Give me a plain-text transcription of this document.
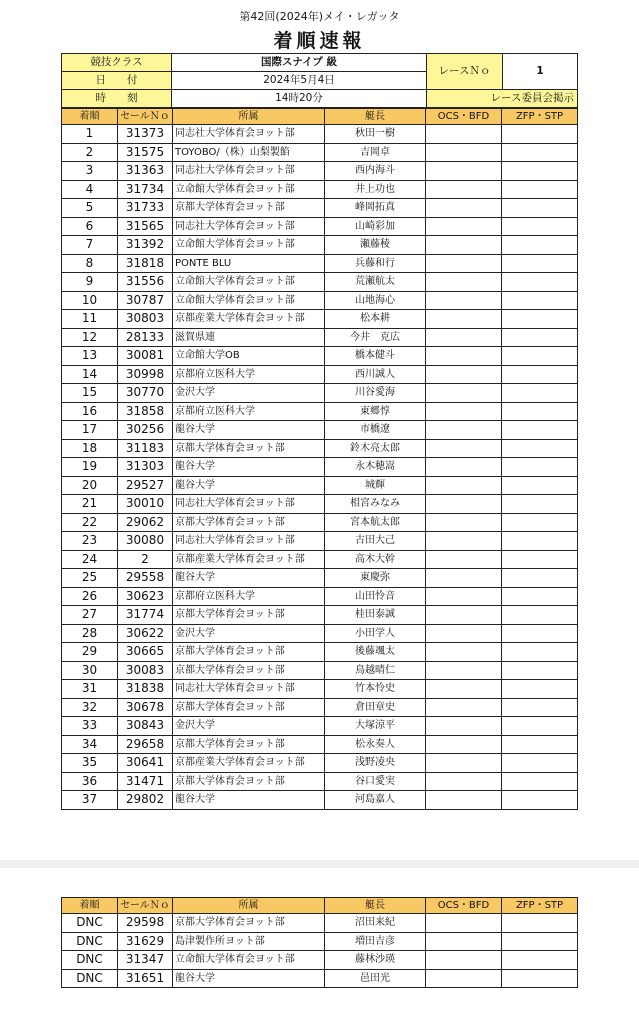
第42回(2024年)メイ・レガッタ
着順速報
競技クラス	国際スナイプ 級	レースＮｏ	1
日　　付	2024年5月4日		
時　　刻	14時20分	レース委員会掲示	
着順	セールＮｏ	所属	艇長	OCS・BFD	ZFP・STP
1	31373	同志社大学体育会ヨット部	秋田一樹		
2	31575	TOYOBO/（株）山梨製餡	吉岡卓		
3	31363	同志社大学体育会ヨット部	西内海斗		
4	31734	立命館大学体育会ヨット部	井上功也		
5	31733	京都大学体育会ヨット部	峰岡拓真		
6	31565	同志社大学体育会ヨット部	山崎彩加		
7	31392	立命館大学体育会ヨット部	瀬藤稜		
8	31818	PONTE BLU	兵藤和行		
9	31556	立命館大学体育会ヨット部	荒瀬航太		
10	30787	立命館大学体育会ヨット部	山地海心		
11	30803	京都産業大学体育会ヨット部	松本耕		
12	28133	滋賀県連	今井　克広		
13	30081	立命館大学OB	橋本健斗		
14	30998	京都府立医科大学	西川誠人		
15	30770	金沢大学	川谷愛海		
16	31858	京都府立医科大学	東郷惇		
17	30256	龍谷大学	市橋遼		
18	31183	京都大学体育会ヨット部	鈴木亮太郎		
19	31303	龍谷大学	永木穂嵩		
20	29527	龍谷大学	城輝		
21	30010	同志社大学体育会ヨット部	相宮みなみ		
22	29062	京都大学体育会ヨット部	宮本航太郎		
23	30080	同志社大学体育会ヨット部	古田大己		
24	2	京都産業大学体育会ヨット部	高木大幹		
25	29558	龍谷大学	東慶弥		
26	30623	京都府立医科大学	山田怜音		
27	31774	京都大学体育会ヨット部	桂田泰誠		
28	30622	金沢大学	小田学人		
29	30665	京都大学体育会ヨット部	後藤颯太		
30	30083	京都大学体育会ヨット部	鳥越晴仁		
31	31838	同志社大学体育会ヨット部	竹本怜史		
32	30678	京都大学体育会ヨット部	倉田章史		
33	30843	金沢大学	大塚涼平		
34	29658	京都大学体育会ヨット部	松永奏人		
35	30641	京都産業大学体育会ヨット部	浅野凌央		
36	31471	京都大学体育会ヨット部	谷口愛実		
37	29802	龍谷大学	河島嘉人		
着順	セールＮｏ	所属	艇長	OCS・BFD	ZFP・STP
DNC	29598	京都大学体育会ヨット部	沼田来紀		
DNC	31629	島津製作所ヨット部	増田吉彦		
DNC	31347	立命館大学体育会ヨット部	藤林沙瑛		
DNC	31651	龍谷大学	邑田光		
